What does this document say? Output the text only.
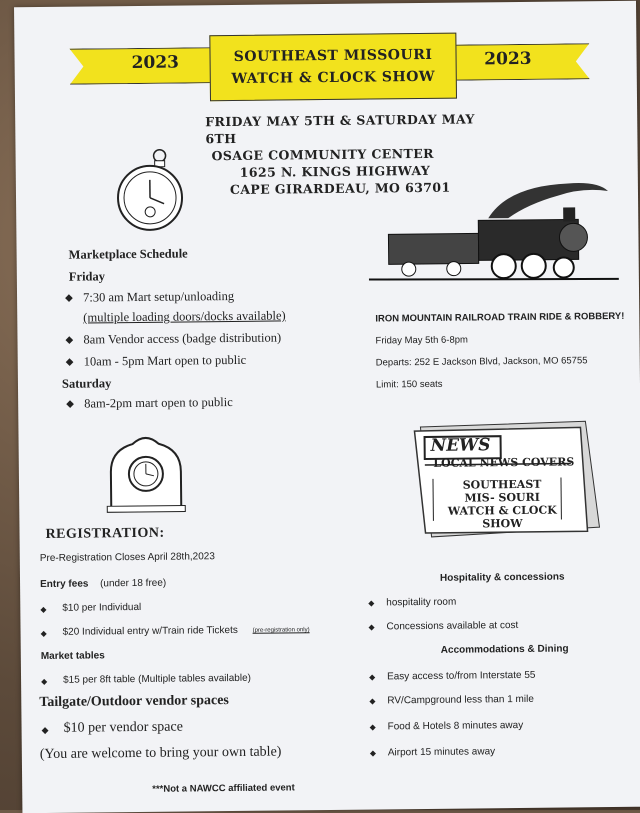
2023	2023
SOUTHEAST MISSOURI
WATCH & CLOCK SHOW
FRIDAY MAY 5TH & SATURDAY MAY 6TH
OSAGE COMMUNITY CENTER
1625 N. KINGS HIGHWAY
CAPE GIRARDEAU, MO 63701
Marketplace Schedule
Friday
◆ 7:30 am Mart setup/unloading
(multiple loading doors/docks available)
◆ 8am Vendor access (badge distribution)
◆ 10am - 5pm Mart open to public
Saturday
◆ 8am-2pm mart open to public
IRON MOUNTAIN RAILROAD TRAIN RIDE & ROBBERY!
Friday May 5th 6-8pm
Departs: 252 E Jackson Blvd, Jackson, MO 65755
Limit: 150 seats
NEWS
LOCAL NEWS COVERS
SOUTHEAST MIS- SOURI WATCH & CLOCK SHOW
REGISTRATION:
Pre-Registration Closes April 28th,2023
Entry fees (under 18 free)
◆ $10 per Individual
◆ $20 Individual entry w/Train ride Tickets (pre-registration only)
Market tables
◆ $15 per 8ft table (Multiple tables available)
Tailgate/Outdoor vendor spaces
◆ $10 per vendor space
(You are welcome to bring your own table)
***Not a NAWCC affiliated event
Hospitality & concessions
◆ hospitality room
◆ Concessions available at cost
Accommodations & Dining
◆ Easy access to/from Interstate 55
◆ RV/Campground less than 1 mile
◆ Food & Hotels 8 minutes away
◆ Airport 15 minutes away
